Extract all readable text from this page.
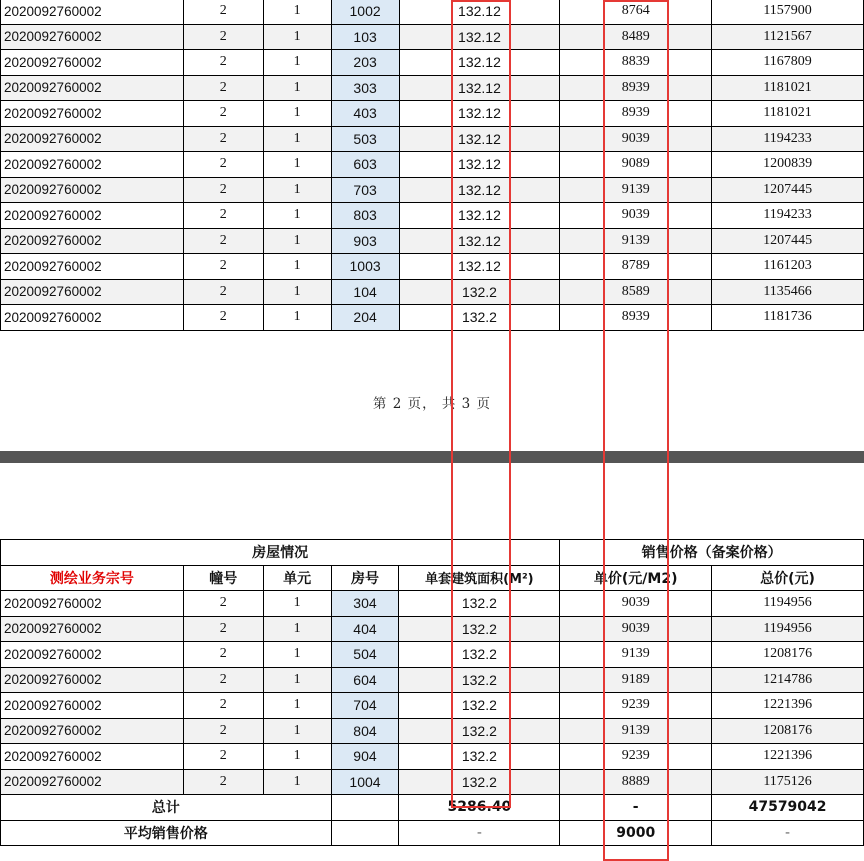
2020092760002	2	1	1002	132.12	8764	1157900
2020092760002	2	1	103	132.12	8489	1121567
2020092760002	2	1	203	132.12	8839	1167809
2020092760002	2	1	303	132.12	8939	1181021
2020092760002	2	1	403	132.12	8939	1181021
2020092760002	2	1	503	132.12	9039	1194233
2020092760002	2	1	603	132.12	9089	1200839
2020092760002	2	1	703	132.12	9139	1207445
2020092760002	2	1	803	132.12	9039	1194233
2020092760002	2	1	903	132.12	9139	1207445
2020092760002	2	1	1003	132.12	8789	1161203
2020092760002	2	1	104	132.2	8589	1135466
2020092760002	2	1	204	132.2	8939	1181736
第 2 页， 共 3 页
房屋情况					销售价格（备案价格）	
测绘业务宗号	幢号	单元	房号	单套建筑面积(M²)	单价(元/M2)	总价(元)
2020092760002	2	1	304	132.2	9039	1194956
2020092760002	2	1	404	132.2	9039	1194956
2020092760002	2	1	504	132.2	9139	1208176
2020092760002	2	1	604	132.2	9189	1214786
2020092760002	2	1	704	132.2	9239	1221396
2020092760002	2	1	804	132.2	9139	1208176
2020092760002	2	1	904	132.2	9239	1221396
2020092760002	2	1	1004	132.2	8889	1175126
总计				5286.40	-	47579042
平均销售价格				-	9000	-
